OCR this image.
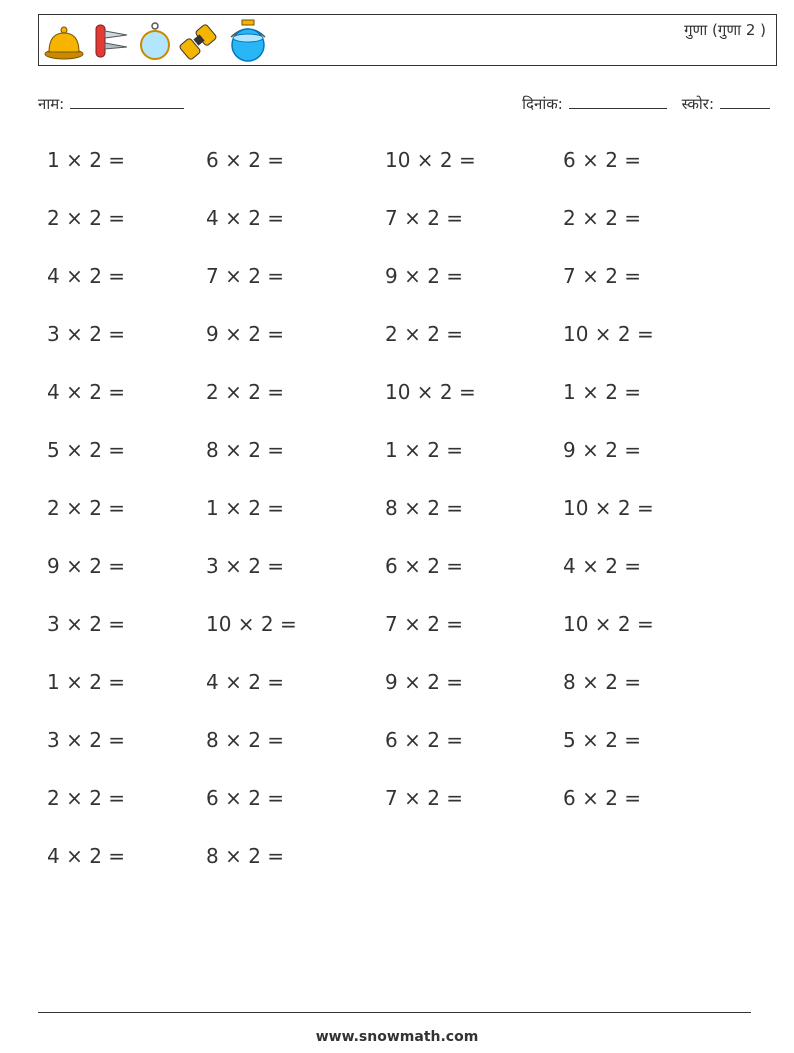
गुणा (गुणा 2 )
नाम:	दिनांक:	स्कोर:
1 × 2 =	6 × 2 =	10 × 2 =	6 × 2 =
2 × 2 =	4 × 2 =	7 × 2 =	2 × 2 =
4 × 2 =	7 × 2 =	9 × 2 =	7 × 2 =
3 × 2 =	9 × 2 =	2 × 2 =	10 × 2 =
4 × 2 =	2 × 2 =	10 × 2 =	1 × 2 =
5 × 2 =	8 × 2 =	1 × 2 =	9 × 2 =
2 × 2 =	1 × 2 =	8 × 2 =	10 × 2 =
9 × 2 =	3 × 2 =	6 × 2 =	4 × 2 =
3 × 2 =	10 × 2 =	7 × 2 =	10 × 2 =
1 × 2 =	4 × 2 =	9 × 2 =	8 × 2 =
3 × 2 =	8 × 2 =	6 × 2 =	5 × 2 =
2 × 2 =	6 × 2 =	7 × 2 =	6 × 2 =
4 × 2 =	8 × 2 =
www.snowmath.com
